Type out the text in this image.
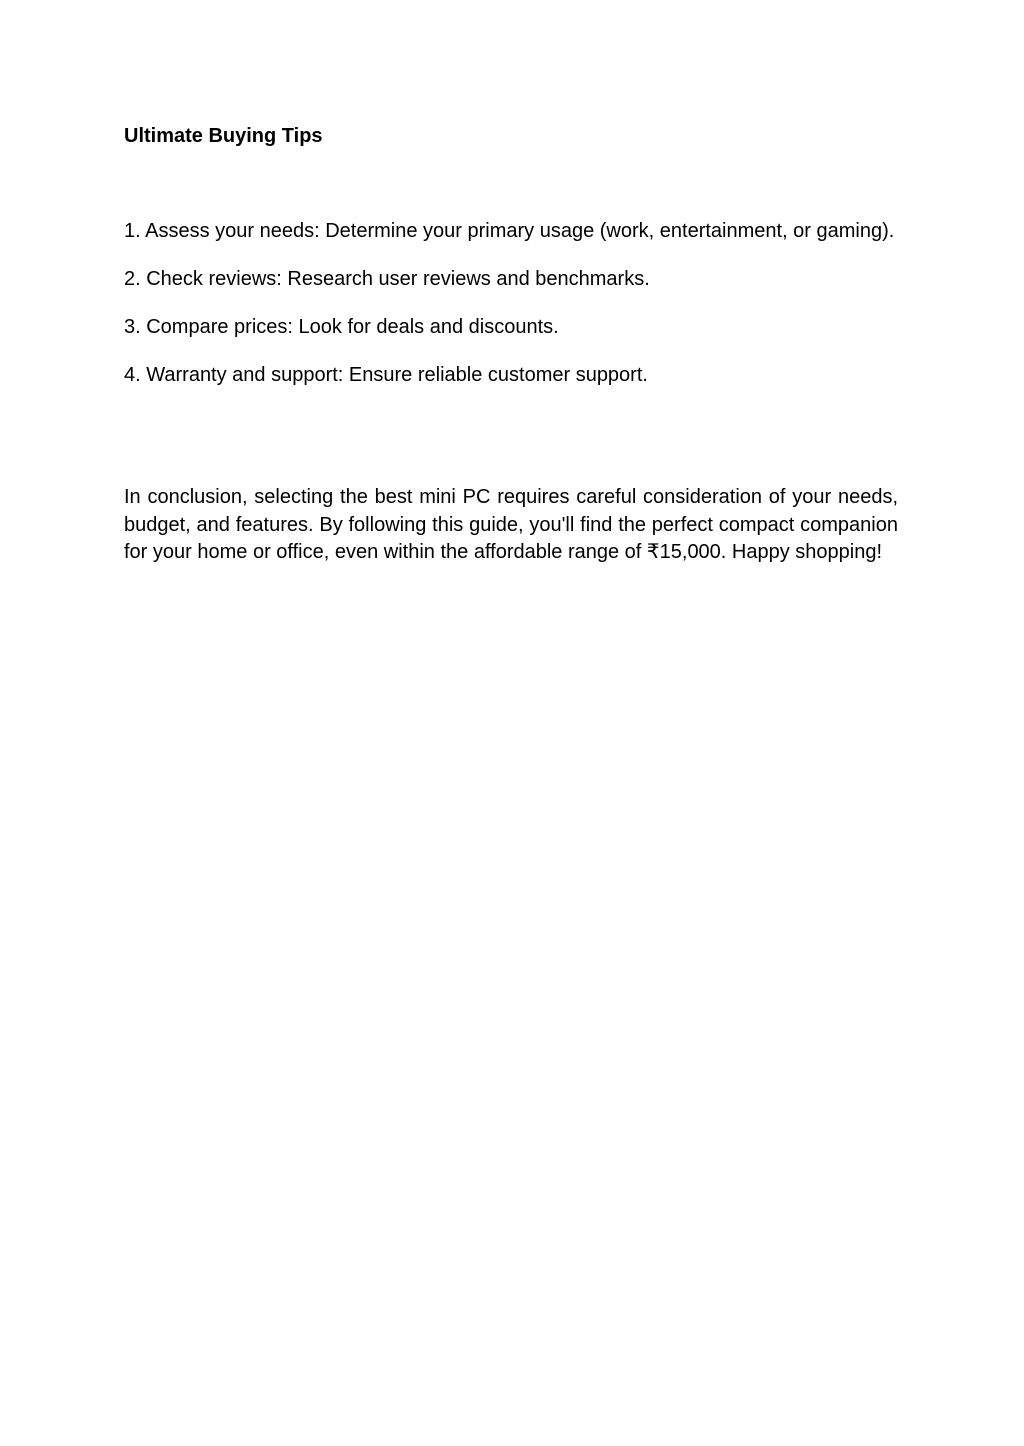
Ultimate Buying Tips
1. Assess your needs: Determine your primary usage (work, entertainment, or gaming).
2. Check reviews: Research user reviews and benchmarks.
3. Compare prices: Look for deals and discounts.
4. Warranty and support: Ensure reliable customer support.

In conclusion, selecting the best mini PC requires careful consideration of your needs, budget, and features. By following this guide, you'll find the perfect compact companion for your home or office, even within the affordable range of ₹15,000. Happy shopping!
